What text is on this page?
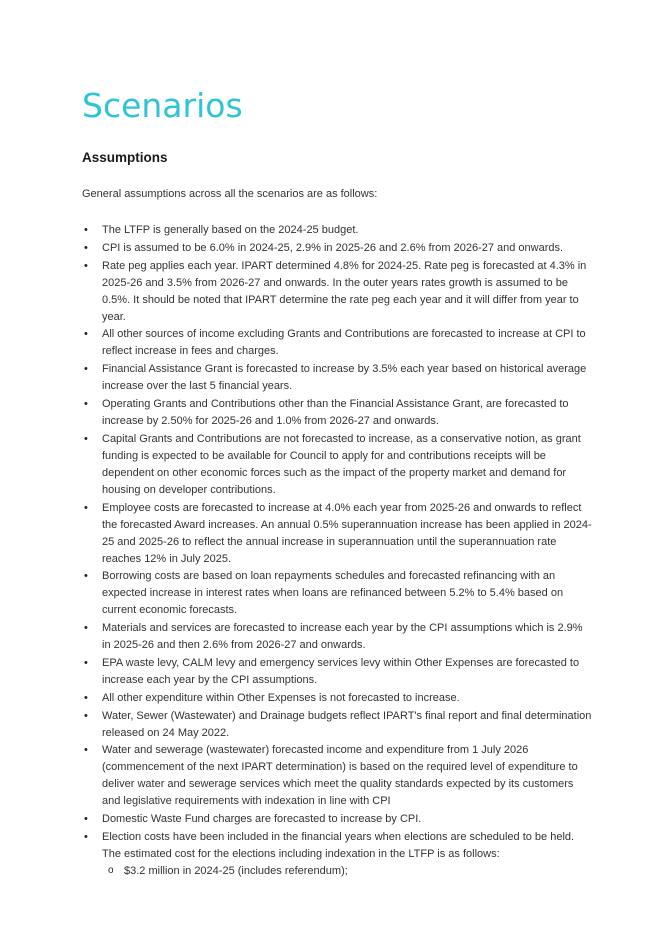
Scenarios
Assumptions

General assumptions across all the scenarios are as follows:

• The LTFP is generally based on the 2024-25 budget.
• CPI is assumed to be 6.0% in 2024-25, 2.9% in 2025-26 and 2.6% from 2026-27 and onwards.
• Rate peg applies each year. IPART determined 4.8% for 2024-25. Rate peg is forecasted at 4.3% in 2025-26 and 3.5% from 2026-27 and onwards. In the outer years rates growth is assumed to be 0.5%. It should be noted that IPART determine the rate peg each year and it will differ from year to year.
• All other sources of income excluding Grants and Contributions are forecasted to increase at CPI to reflect increase in fees and charges.
• Financial Assistance Grant is forecasted to increase by 3.5% each year based on historical average increase over the last 5 financial years.
• Operating Grants and Contributions other than the Financial Assistance Grant, are forecasted to increase by 2.50% for 2025-26 and 1.0% from 2026-27 and onwards.
• Capital Grants and Contributions are not forecasted to increase, as a conservative notion, as grant funding is expected to be available for Council to apply for and contributions receipts will be dependent on other economic forces such as the impact of the property market and demand for housing on developer contributions.
• Employee costs are forecasted to increase at 4.0% each year from 2025-26 and onwards to reflect the forecasted Award increases. An annual 0.5% superannuation increase has been applied in 2024-25 and 2025-26 to reflect the annual increase in superannuation until the superannuation rate reaches 12% in July 2025.
• Borrowing costs are based on loan repayments schedules and forecasted refinancing with an expected increase in interest rates when loans are refinanced between 5.2% to 5.4% based on current economic forecasts.
• Materials and services are forecasted to increase each year by the CPI assumptions which is 2.9% in 2025-26 and then 2.6% from 2026-27 and onwards.
• EPA waste levy, CALM levy and emergency services levy within Other Expenses are forecasted to increase each year by the CPI assumptions.
• All other expenditure within Other Expenses is not forecasted to increase.
• Water, Sewer (Wastewater) and Drainage budgets reflect IPART's final report and final determination released on 24 May 2022.
• Water and sewerage (wastewater) forecasted income and expenditure from 1 July 2026 (commencement of the next IPART determination) is based on the required level of expenditure to deliver water and sewerage services which meet the quality standards expected by its customers and legislative requirements with indexation in line with CPI
• Domestic Waste Fund charges are forecasted to increase by CPI.
• Election costs have been included in the financial years when elections are scheduled to be held. The estimated cost for the elections including indexation in the LTFP is as follows:
o $3.2 million in 2024-25 (includes referendum);
